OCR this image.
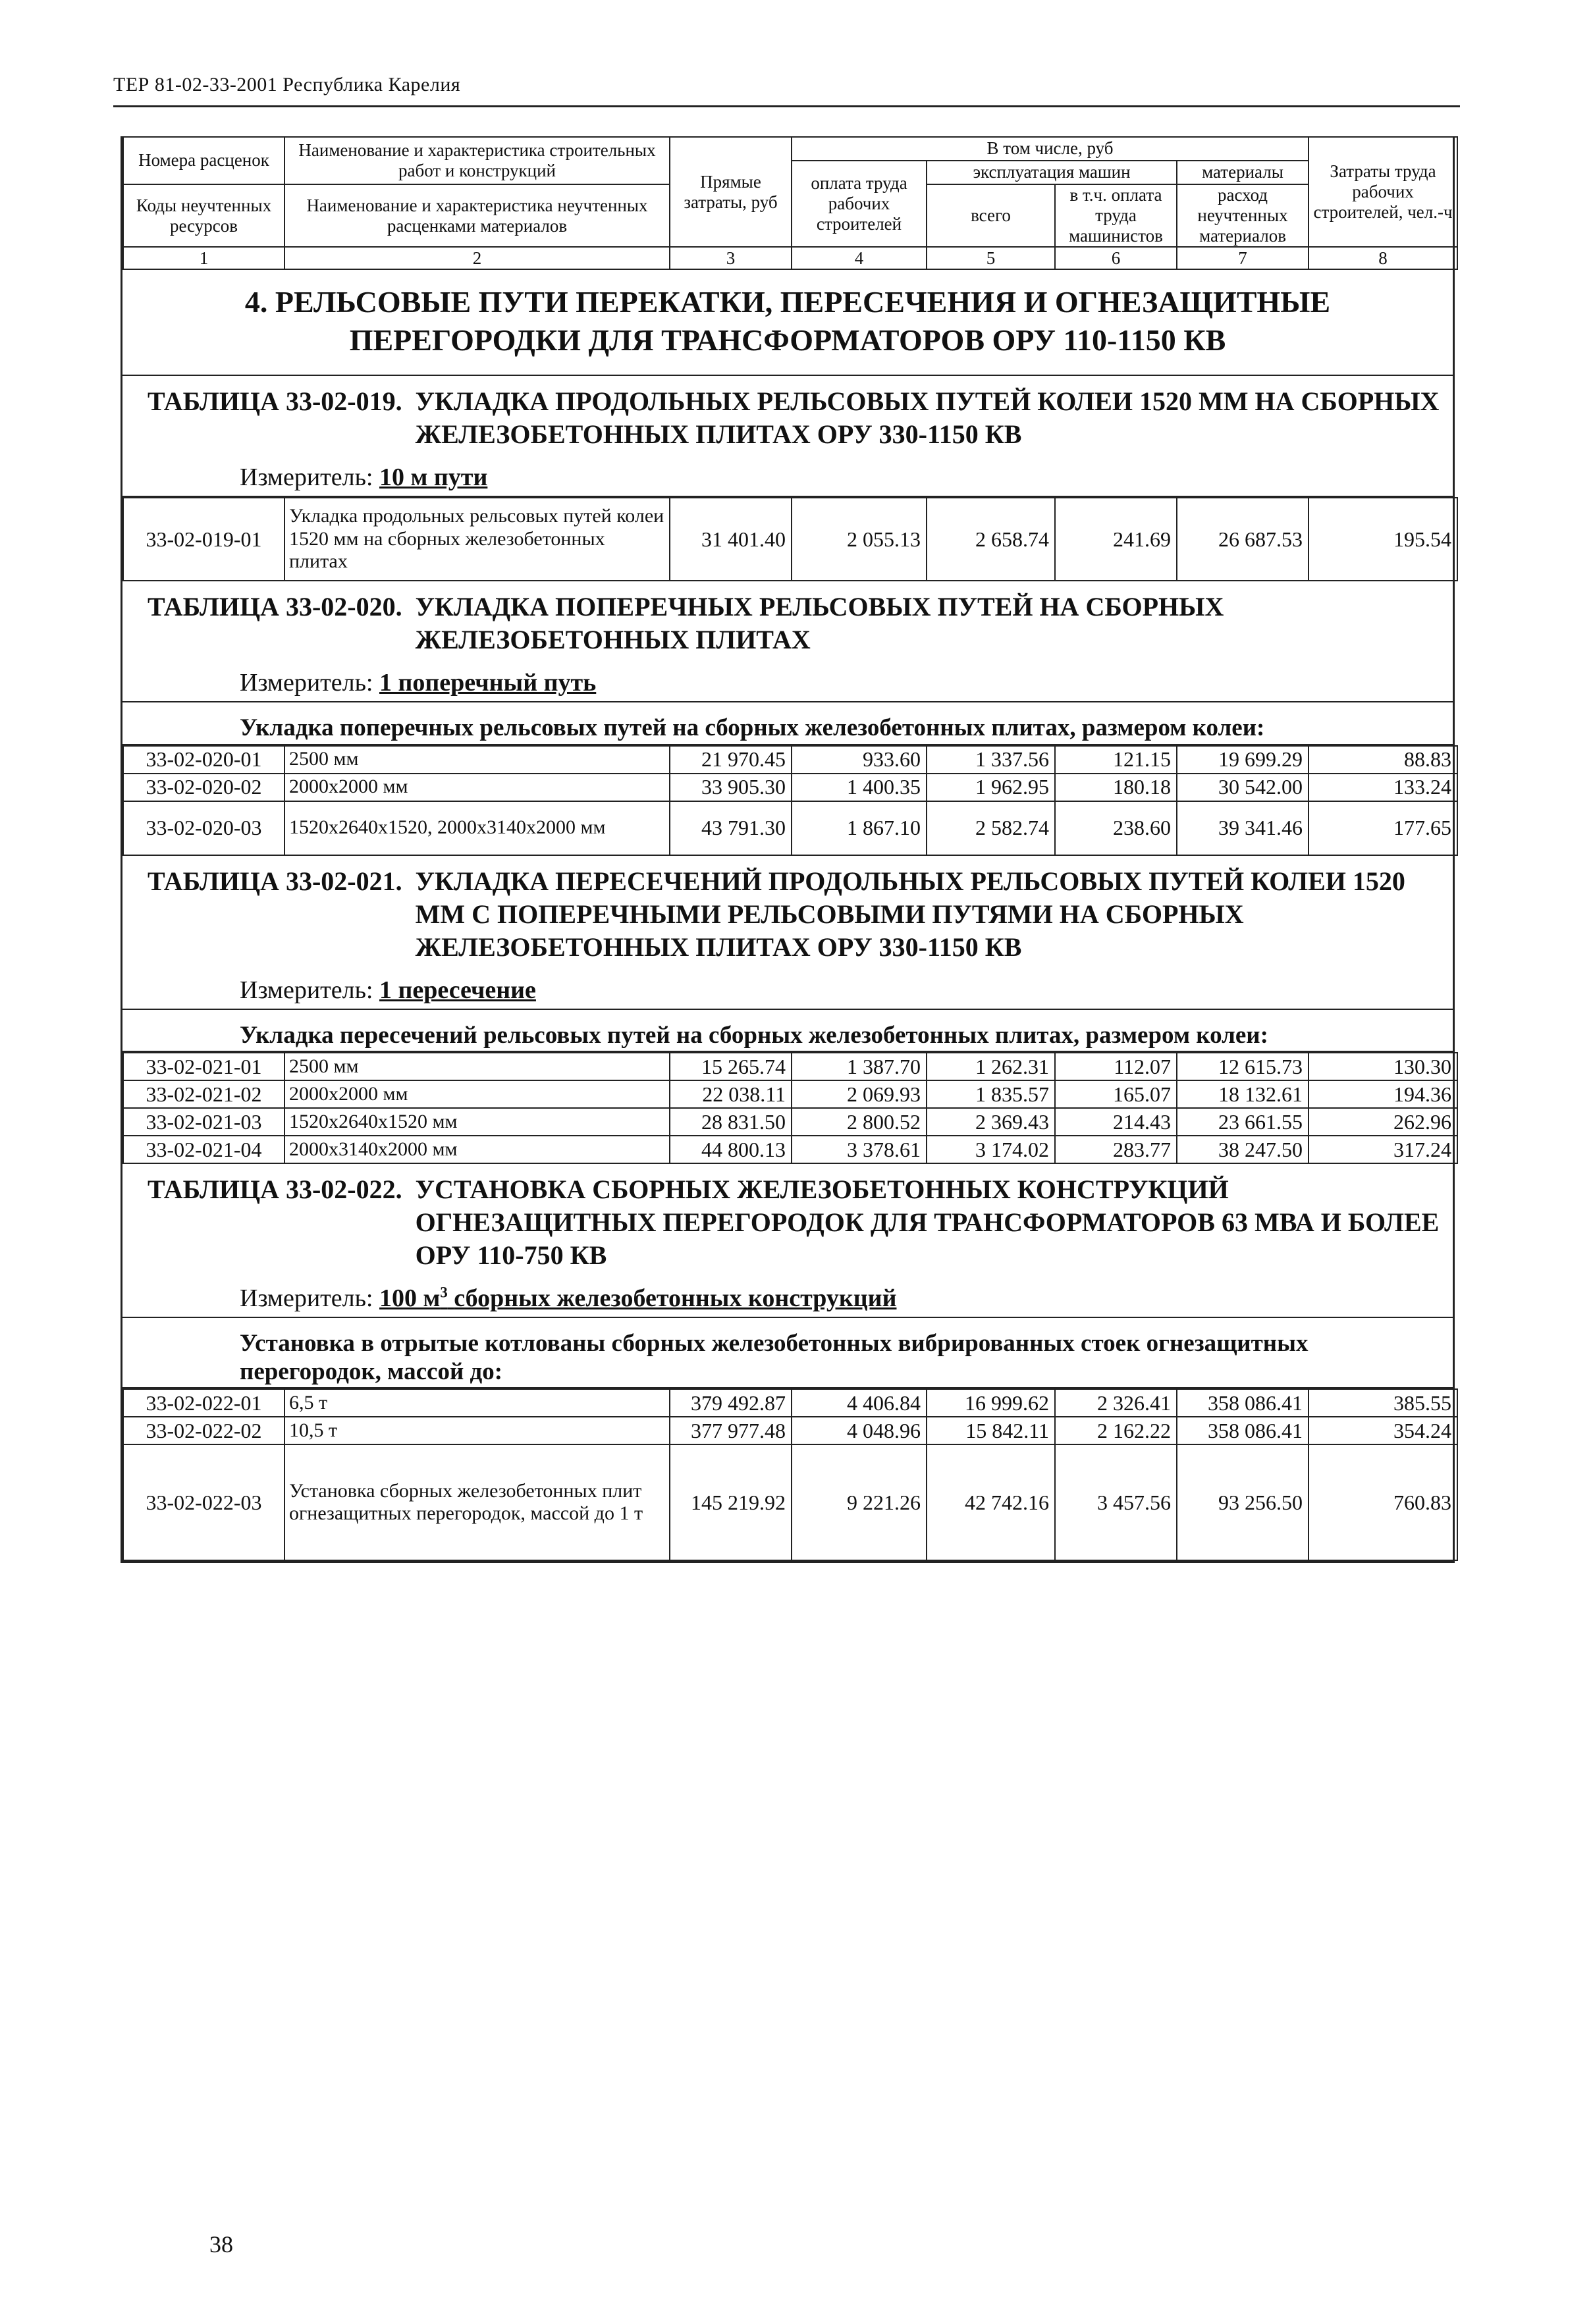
ТЕР 81-02-33-2001 Республика Карелия
Номера расценок	Наименование и характеристика строительных работ и конструкций	Прямые затраты, руб	В том числе, руб				Затраты труда рабочих строителей, чел.-ч
			оплата труда рабочих строителей	эксплуатация машин		материалы	
Коды неучтенных ресурсов	Наименование и характеристика неучтенных расценками материалов			всего	в т.ч. оплата труда машинистов	расход неучтенных материалов	

1	2	3	4	5	6	7	8
4. РЕЛЬСОВЫЕ ПУТИ ПЕРЕКАТКИ, ПЕРЕСЕЧЕНИЯ И ОГНЕЗАЩИТНЫЕ ПЕРЕГОРОДКИ ДЛЯ ТРАНСФОРМАТОРОВ ОРУ 110-1150 КВ
ТАБЛИЦА 33-02-019. УКЛАДКА ПРОДОЛЬНЫХ РЕЛЬСОВЫХ ПУТЕЙ КОЛЕИ 1520 ММ НА СБОРНЫХ ЖЕЛЕЗОБЕТОННЫХ ПЛИТАХ ОРУ 330-1150 КВ
Измеритель: 10 м пути
33-02-019-01	Укладка продольных рельсовых путей колеи 1520 мм на сборных железобетонных плитах	31 401.40	2 055.13	2 658.74	241.69	26 687.53	195.54
ТАБЛИЦА 33-02-020. УКЛАДКА ПОПЕРЕЧНЫХ РЕЛЬСОВЫХ ПУТЕЙ НА СБОРНЫХ ЖЕЛЕЗОБЕТОННЫХ ПЛИТАХ
Измеритель: 1 поперечный путь
Укладка поперечных рельсовых путей на сборных железобетонных плитах, размером колеи:
33-02-020-01	2500 мм	21 970.45	933.60	1 337.56	121.15	19 699.29	88.83
33-02-020-02	2000х2000 мм	33 905.30	1 400.35	1 962.95	180.18	30 542.00	133.24
33-02-020-03	1520х2640х1520, 2000х3140х2000 мм	43 791.30	1 867.10	2 582.74	238.60	39 341.46	177.65
ТАБЛИЦА 33-02-021. УКЛАДКА ПЕРЕСЕЧЕНИЙ ПРОДОЛЬНЫХ РЕЛЬСОВЫХ ПУТЕЙ КОЛЕИ 1520 ММ С ПОПЕРЕЧНЫМИ РЕЛЬСОВЫМИ ПУТЯМИ НА СБОРНЫХ ЖЕЛЕЗОБЕТОННЫХ ПЛИТАХ ОРУ 330-1150 КВ
Измеритель: 1 пересечение
Укладка пересечений рельсовых путей на сборных железобетонных плитах, размером колеи:
33-02-021-01	2500 мм	15 265.74	1 387.70	1 262.31	112.07	12 615.73	130.30
33-02-021-02	2000х2000 мм	22 038.11	2 069.93	1 835.57	165.07	18 132.61	194.36
33-02-021-03	1520х2640х1520 мм	28 831.50	2 800.52	2 369.43	214.43	23 661.55	262.96
33-02-021-04	2000х3140х2000 мм	44 800.13	3 378.61	3 174.02	283.77	38 247.50	317.24
ТАБЛИЦА 33-02-022. УСТАНОВКА СБОРНЫХ ЖЕЛЕЗОБЕТОННЫХ КОНСТРУКЦИЙ ОГНЕЗАЩИТНЫХ ПЕРЕГОРОДОК ДЛЯ ТРАНСФОРМАТОРОВ 63 МВА И БОЛЕЕ ОРУ 110-750 КВ
Измеритель: 100 $м^3$ сборных железобетонных конструкций
Установка в отрытые котлованы сборных железобетонных вибрированных стоек огнезащитных перегородок, массой до:
33-02-022-01	6,5 т	379 492.87	4 406.84	16 999.62	2 326.41	358 086.41	385.55
33-02-022-02	10,5 т	377 977.48	4 048.96	15 842.11	2 162.22	358 086.41	354.24
33-02-022-03	Установка сборных железобетонных плит огнезащитных перегородок, массой до 1 т	145 219.92	9 221.26	42 742.16	3 457.56	93 256.50	760.83
38
